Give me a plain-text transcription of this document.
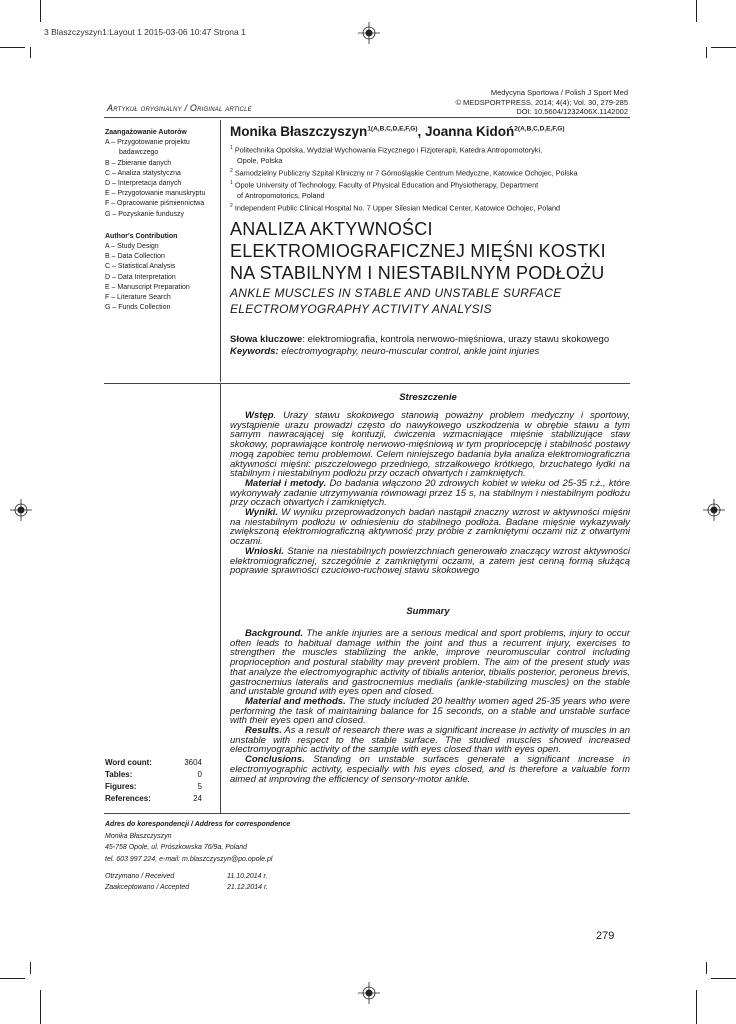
3 Blaszczyszyn1:Layout 1 2015-03-06 10:47 Strona 1
Medycyna Sportowa / Polish J Sport Med
© MEDSPORTPRESS, 2014; 4(4); Vol. 30, 279-285
DOI: 10.5604/1232406X.1142002
Artykuł oryginalny / Original article
Zaangażowanie Autorów
A – Przygotowanie projektu
badawczego
B – Zbieranie danych
C – Analiza statystyczna
D – Interpretacja danych
E – Przygotowanie manuskryptu
F – Opracowanie piśmiennictwa
G – Pozyskanie funduszy
Author's Contribution
A – Study Design
B – Data Collection
C – Statistical Analysis
D – Data Interpretation
E – Manuscript Preparation
F – Literature Search
G – Funds Collection
Monika Błaszczyszyn$^{1(A,B,C,D,E,F,G)}$, Joanna Kidoń$^{2(A,B,C,D,E,F,G)}$
$^1$ Politechnika Opolska, Wydział Wychowania Fizycznego i Fizjoterapii, Katedra Antropomotoryki,
Opole, Polska
$^2$ Samodzielny Publiczny Szpital Kliniczny nr 7 Górnośląskie Centrum Medyczne, Katowice Ochojec, Polska
$^1$ Opole University of Technology, Faculty of Physical Education and Physiotherapy, Department
of Antropomotorics, Poland
$^2$ Independent Public Clinical Hospital No. 7 Upper Silesian Medical Center, Katowice Ochojec, Poland
ANALIZA AKTYWNOŚCI
ELEKTROMIOGRAFICZNEJ MIĘŚNI KOSTKI
NA STABILNYM I NIESTABILNYM PODŁOŻU
ANKLE MUSCLES IN STABLE AND UNSTABLE SURFACE
ELECTROMYOGRAPHY ACTIVITY ANALYSIS
Słowa kluczowe: elektromiografia, kontrola nerwowo-mięśniowa, urazy stawu skokowego
Keywords: electromyography, neuro-muscular control, ankle joint injuries
Streszczenie

Wstęp. Urazy stawu skokowego stanowią poważny problem medyczny i sportowy, wystąpienie urazu prowadzi często do nawykowego uszkodzenia w obrębie stawu a tym samym nawracającej się kontuzji, ćwiczenia wzmacniające mięśnie stabilizujące staw skokowy, poprawiające kontrolę nerwowo-mięśniową w tym propriocepcję i stabilność postawy mogą zapobiec temu problemowi. Celem niniejszego badania była analiza elektromiograficzna aktywności mięśni: piszczelowego przedniego, strzałkowego krótkiego, brzuchatego łydki na stabilnym i niestabilnym podłożu przy oczach otwartych i zamkniętych.

Materiał i metody. Do badania włączono 20 zdrowych kobiet w wieku od 25-35 r.ż., które wykonywały zadanie utrzymywania równowagi przez 15 s, na stabilnym i niestabilnym podłożu przy oczach otwartych i zamkniętych.

Wyniki. W wyniku przeprowadzonych badań nastąpił znaczny wzrost w aktywności mięśni na niestabilnym podłożu w odniesieniu do stabilnego podłoża. Badane mięśnie wykazywały zwiększoną elektromiograficzną aktywność przy próbie z zamkniętymi oczami niż z otwartymi oczami.

Wnioski. Stanie na niestabilnych powierzchniach generowało znaczący wzrost aktywności elektromiograficznej, szczególnie z zamkniętymi oczami, a zatem jest cenną formą służącą poprawie sprawności czuciowo-ruchowej stawu skokowego

Summary

Background. The ankle injuries are a serious medical and sport problems, injury to occur often leads to habitual damage within the joint and thus a recurrent injury, exercises to strengthen the muscles stabilizing the ankle, improve neuromuscular control including proprioception and postural stability may prevent problem. The aim of the present study was that analyze the electromyographic activity of tibialis anterior, tibialis posterior, peroneus brevis, gastrocnemius lateralis and gastrocnemius medialis (ankle-stabilizing muscles) on the stable and unstable ground with eyes open and closed.

Material and methods. The study included 20 healthy women aged 25-35 years who were performing the task of maintaining balance for 15 seconds, on a stable and unstable surface with their eyes open and closed.

Results. As a result of research there was a significant increase in activity of muscles in an unstable with respect to the stable surface. The studied muscles showed increased electromyographic activity of the sample with eyes closed than with eyes open.

Conclusions. Standing on unstable surfaces generate a significant increase in electromyographic activity, especially with his eyes closed, and is therefore a valuable form aimed at improving the efficiency of sensory-motor ankle.

Word count:	3604
Tables:	0
Figures:	5
References:	24
Adres do korespondencji / Address for correspondence
Monika Błaszczyszyn
45-758 Opole, ul. Prószkowska 76/9a, Poland
tel. 603 997 224, e-mail: m.blaszczyszyn@po.opole.pl
Otrzymano / Received	11.10.2014 r.
Zaakceptowano / Accepted	21.12.2014 r.
279
